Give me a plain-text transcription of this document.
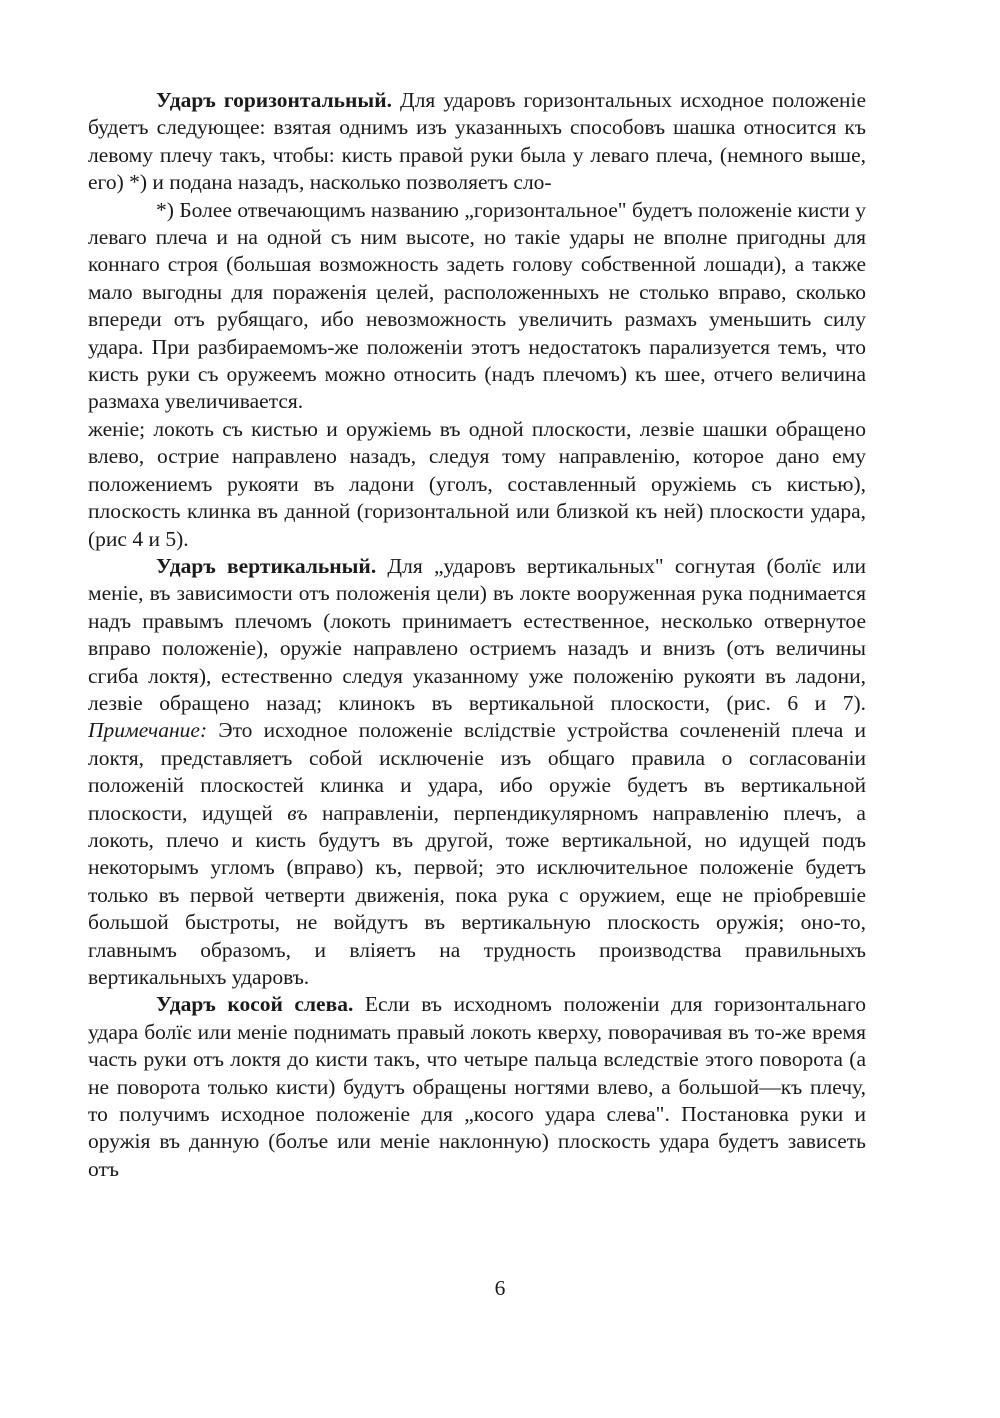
Ударъ горизонтальный. Для ударовъ горизонтальных исходное положеніе будетъ следующее: взятая однимъ изъ указанныхъ способовъ шашка относится къ левому плечу такъ, чтобы: кисть правой руки была у леваго плеча, (немного выше, его) *) и подана назадъ, насколько позволяетъ сло-

*) Более отвечающимъ названию „горизонтальное" будетъ положеніе кисти у леваго плеча и на одной съ ним высоте, но такіе удары не вполне пригодны для коннаго строя (большая возможность задеть голову собственной лошади), а также мало выгодны для пораженія целей, расположенныхъ не столько вправо, сколько впереди отъ рубящаго, ибо невозможность увеличить размахъ уменьшить силу удара. При разбираемомъ-же положеніи этотъ недостатокъ парализуется темъ, что кисть руки съ оружеемъ можно относить (надъ плечомъ) къ шее, отчего величина размаха увеличивается.

женіе; локоть съ кистью и оружіемь въ одной плоскости, лезвіе шашки обращено влево, острие направлено назадъ, следуя тому направленію, которое дано ему положениемъ рукояти въ ладони (уголъ, составленный оружіемь съ кистью), плоскость клинка въ данной (горизонтальной или близкой къ ней) плоскости удара, (рис 4 и 5).

Ударъ вертикальный. Для „ударовъ вертикальных" согнутая (болїє или меніе, въ зависимости отъ положенія цели) въ локте вооруженная рука поднимается надъ правымъ плечомъ (локоть принимаетъ естественное, несколько отвернутое вправо положеніе), оружіе направлено остриемъ назадъ и внизъ (отъ величины сгиба локтя), естественно следуя указанному уже положенію рукояти въ ладони, лезвіе обращено назад; клинокъ въ вертикальной плоскости, (рис. 6 и 7). Примечание: Это исходное положеніе вслідствіе устройства сочлененій плеча и локтя, представляетъ собой исключеніе изъ общаго правила о согласованіи положеній плоскостей клинка и удара, ибо оружіе будетъ въ вертикальной плоскости, идущей въ направленіи, перпендикулярномъ направленію плечъ, а локоть, плечо и кисть будутъ въ другой, тоже вертикальной, но идущей подъ некоторымъ угломъ (вправо) къ, первой; это исключительное положеніе будетъ только въ первой четверти движенія, пока рука с оружием, еще не пріобревшіе большой быстроты, не войдутъ въ вертикальную плоскость оружія; оно-то, главнымъ образомъ, и вліяетъ на трудность производства правильныхъ вертикальныхъ ударовъ.

Ударъ косой слева. Если въ исходномъ положеніи для горизонтальнаго удара болїє или меніе поднимать правый локоть кверху, поворачивая въ то-же время часть руки отъ локтя до кисти такъ, что четыре пальца вследствіе этого поворота (а не поворота только кисти) будутъ обращены ногтями влево, а большой—къ плечу, то получимъ исходное положеніе для „косого удара слева". Постановка руки и оружія въ данную (болъе или меніе наклонную) плоскость удара будетъ зависеть отъ

6
